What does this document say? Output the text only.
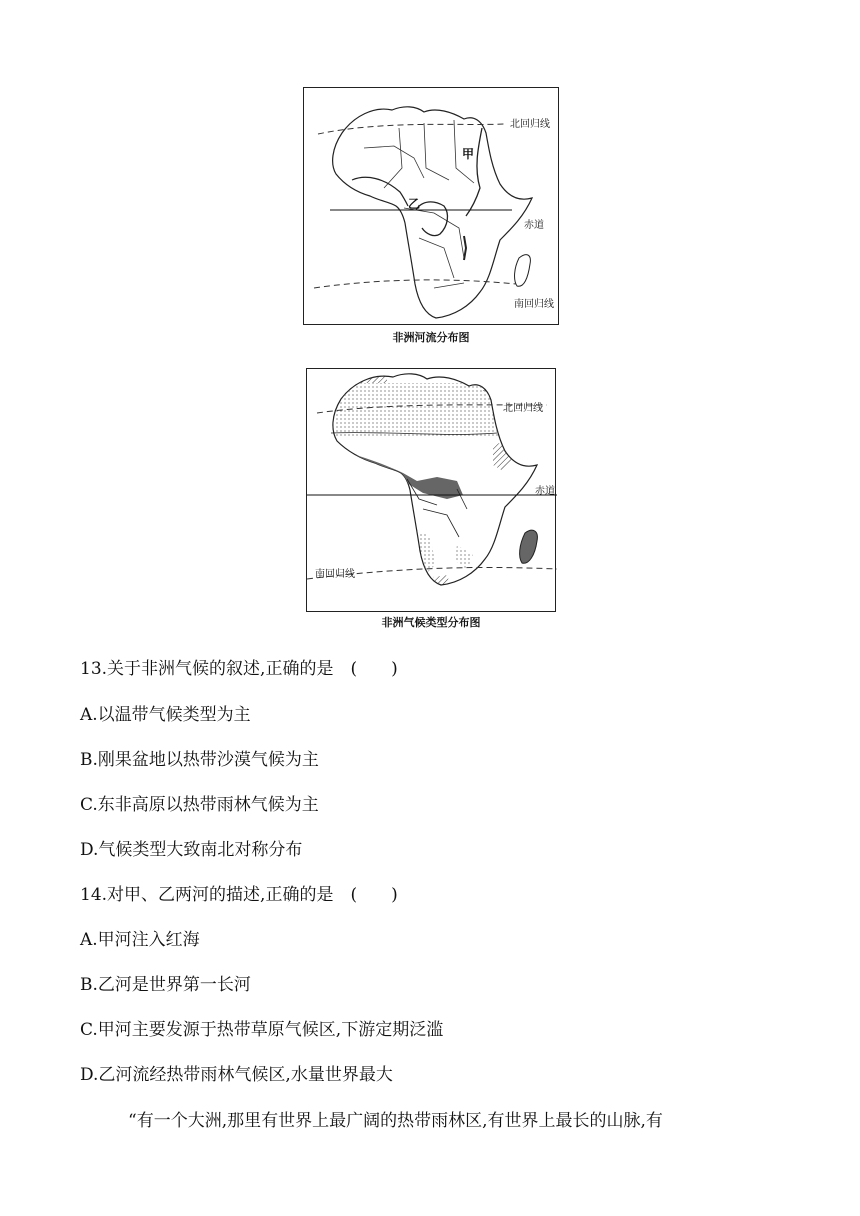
北回归线
甲
乙
赤道
南回归线
非洲河流分布图
北回归线
赤道
南回归线
非洲气候类型分布图
13.关于非洲气候的叙述,正确的是　(　　)
A.以温带气候类型为主
B.刚果盆地以热带沙漠气候为主
C.东非高原以热带雨林气候为主
D.气候类型大致南北对称分布
14.对甲、乙两河的描述,正确的是　(　　)
A.甲河注入红海
B.乙河是世界第一长河
C.甲河主要发源于热带草原气候区,下游定期泛滥
D.乙河流经热带雨林气候区,水量世界最大
“有一个大洲,那里有世界上最广阔的热带雨林区,有世界上最长的山脉,有
